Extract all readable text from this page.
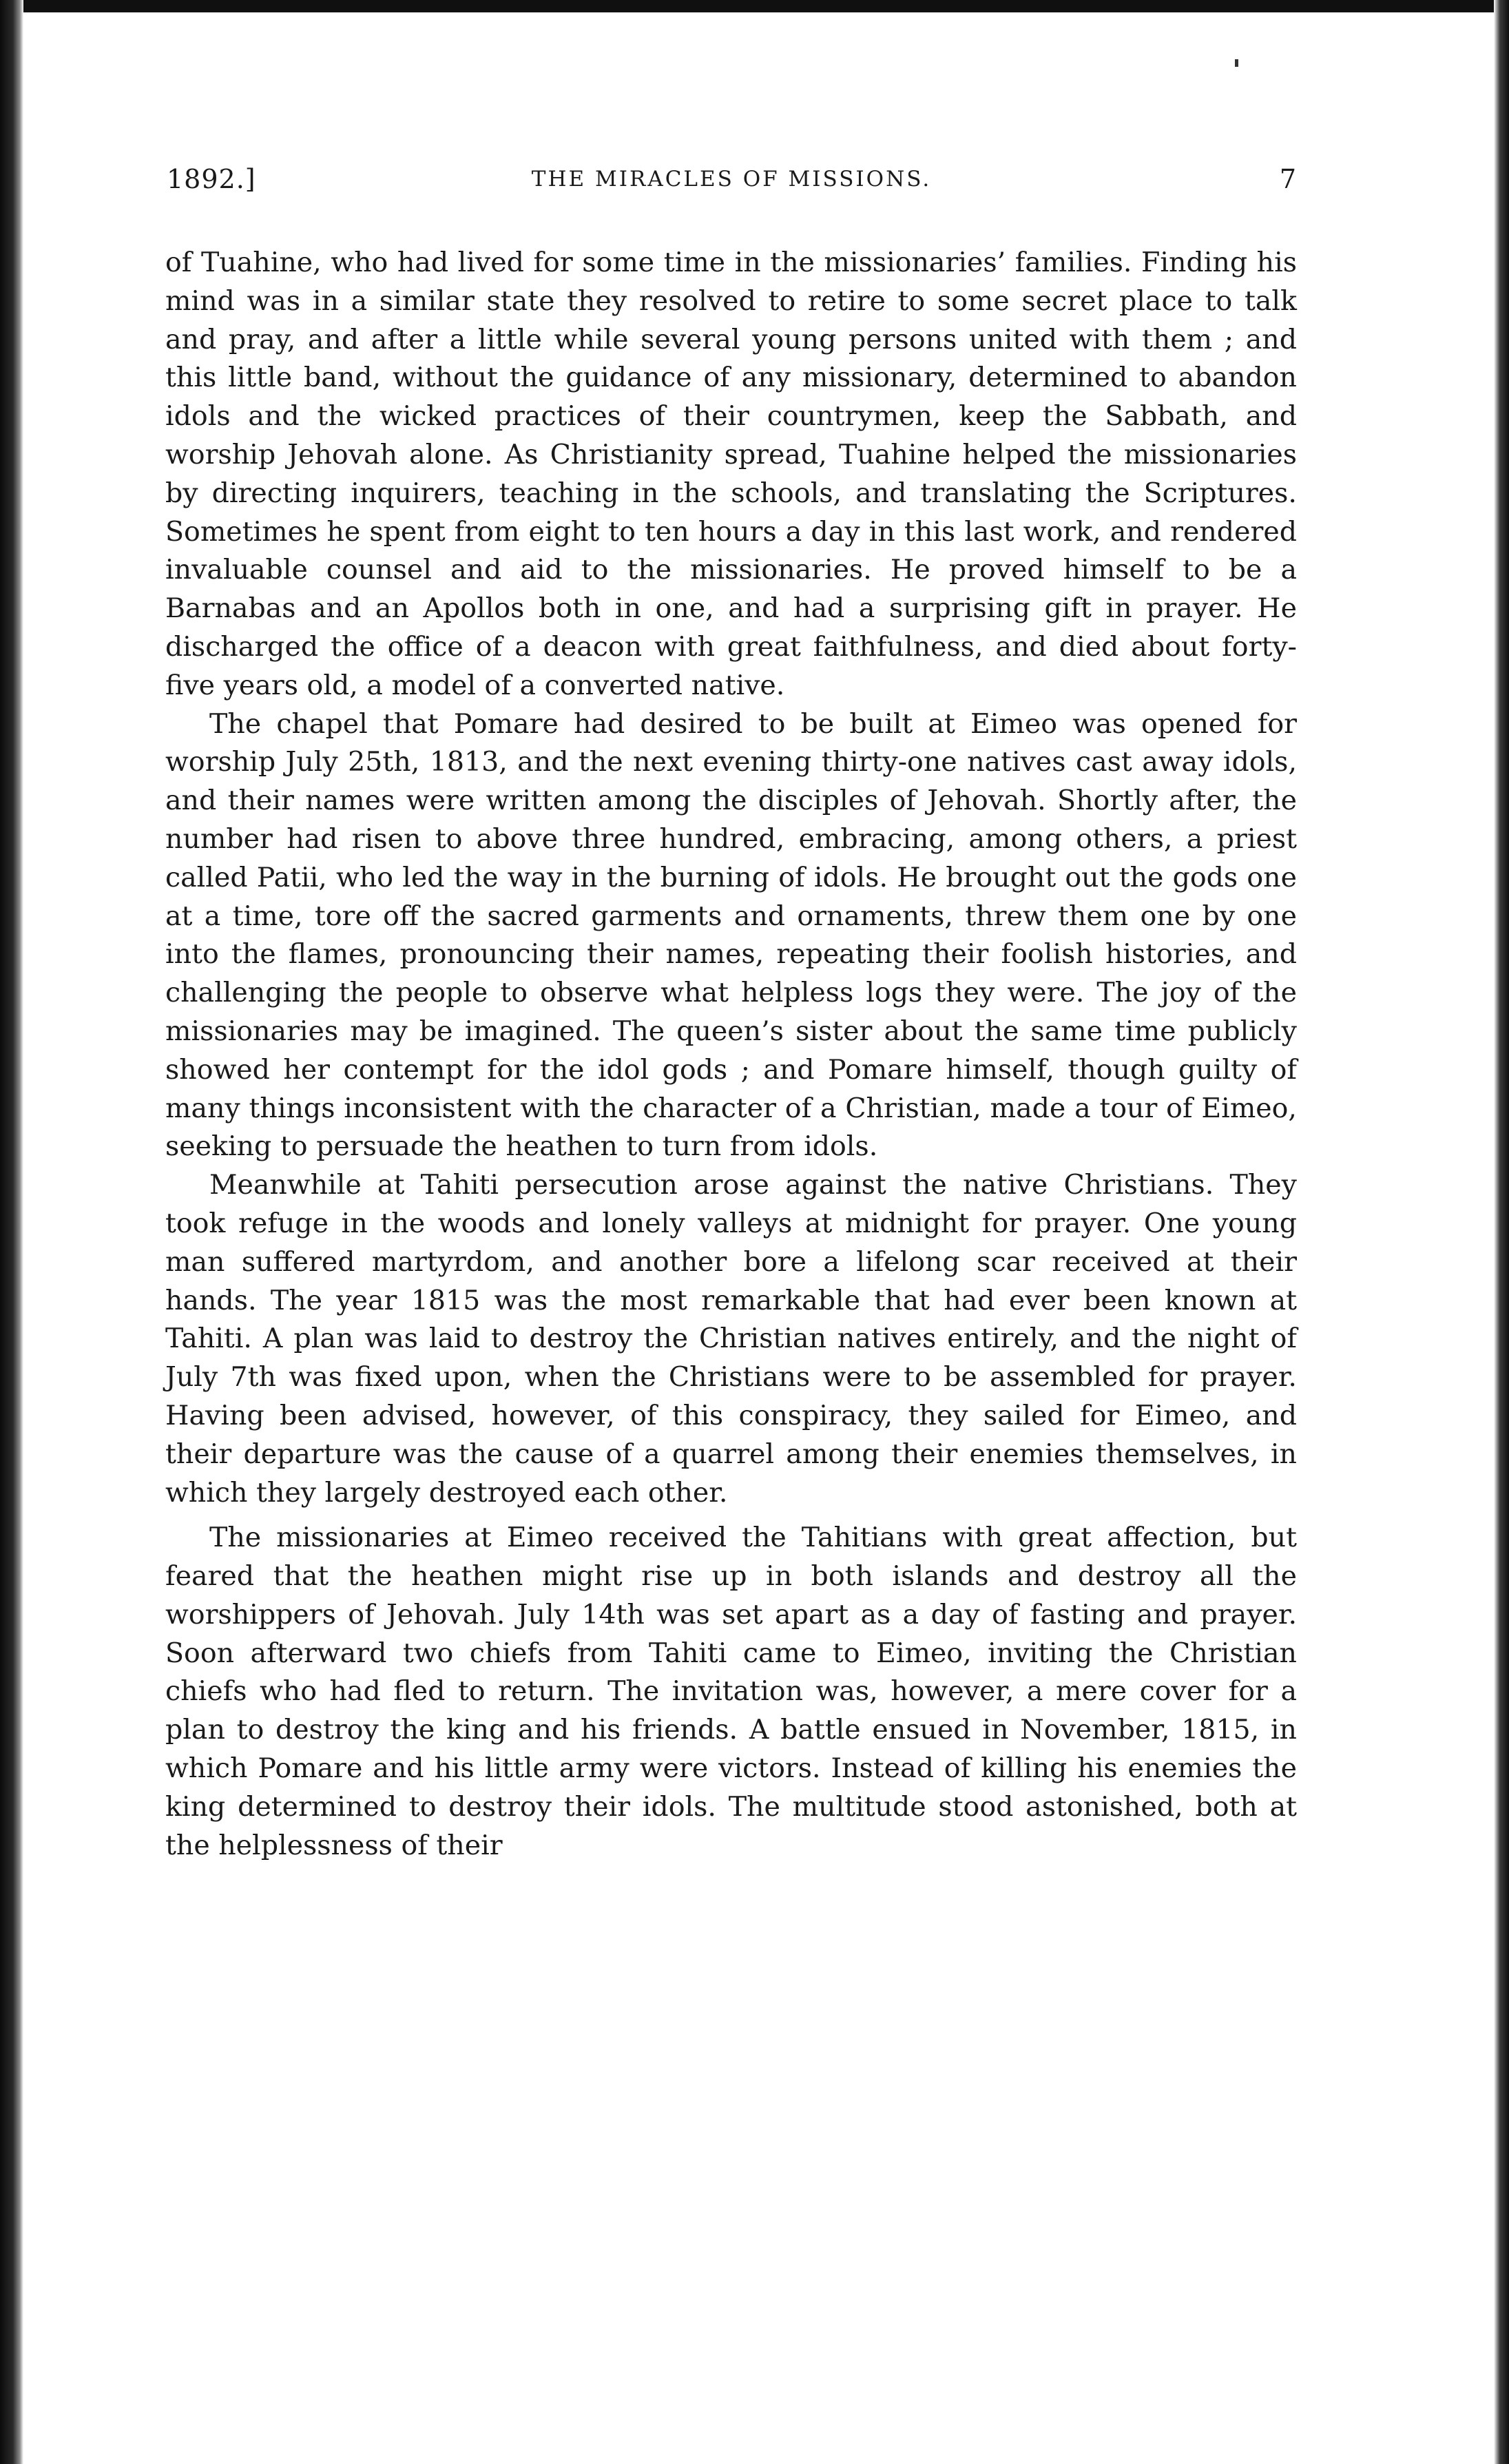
1892.]	THE MIRACLES OF MISSIONS.	7

of Tuahine, who had lived for some time in the missionaries’ families. Finding his mind was in a similar state they resolved to retire to some secret place to talk and pray, and after a little while several young persons united with them ; and this little band, without the guidance of any missionary, determined to abandon idols and the wicked practices of their countrymen, keep the Sabbath, and worship Jehovah alone. As Christianity spread, Tuahine helped the missionaries by directing inquirers, teaching in the schools, and translating the Scriptures. Sometimes he spent from eight to ten hours a day in this last work, and rendered invaluable counsel and aid to the missionaries. He proved himself to be a Barnabas and an Apollos both in one, and had a surprising gift in prayer. He discharged the office of a deacon with great faithfulness, and died about forty-five years old, a model of a converted native.

The chapel that Pomare had desired to be built at Eimeo was opened for worship July 25th, 1813, and the next evening thirty-one natives cast away idols, and their names were written among the disciples of Jehovah. Shortly after, the number had risen to above three hundred, embracing, among others, a priest called Patii, who led the way in the burning of idols. He brought out the gods one at a time, tore off the sacred garments and ornaments, threw them one by one into the flames, pronouncing their names, repeating their foolish histories, and challenging the people to observe what helpless logs they were. The joy of the missionaries may be imagined. The queen’s sister about the same time publicly showed her contempt for the idol gods ; and Pomare himself, though guilty of many things inconsistent with the character of a Christian, made a tour of Eimeo, seeking to persuade the heathen to turn from idols.

Meanwhile at Tahiti persecution arose against the native Christians. They took refuge in the woods and lonely valleys at midnight for prayer. One young man suffered martyrdom, and another bore a lifelong scar received at their hands. The year 1815 was the most remarkable that had ever been known at Tahiti. A plan was laid to destroy the Christian natives entirely, and the night of July 7th was fixed upon, when the Christians were to be assembled for prayer. Having been advised, however, of this conspiracy, they sailed for Eimeo, and their departure was the cause of a quarrel among their enemies themselves, in which they largely destroyed each other.

The missionaries at Eimeo received the Tahitians with great affection, but feared that the heathen might rise up in both islands and destroy all the worshippers of Jehovah. July 14th was set apart as a day of fasting and prayer. Soon afterward two chiefs from Tahiti came to Eimeo, inviting the Christian chiefs who had fled to return. The invitation was, however, a mere cover for a plan to destroy the king and his friends. A battle ensued in November, 1815, in which Pomare and his little army were victors. Instead of killing his enemies the king determined to destroy their idols. The multitude stood astonished, both at the helplessness of their
